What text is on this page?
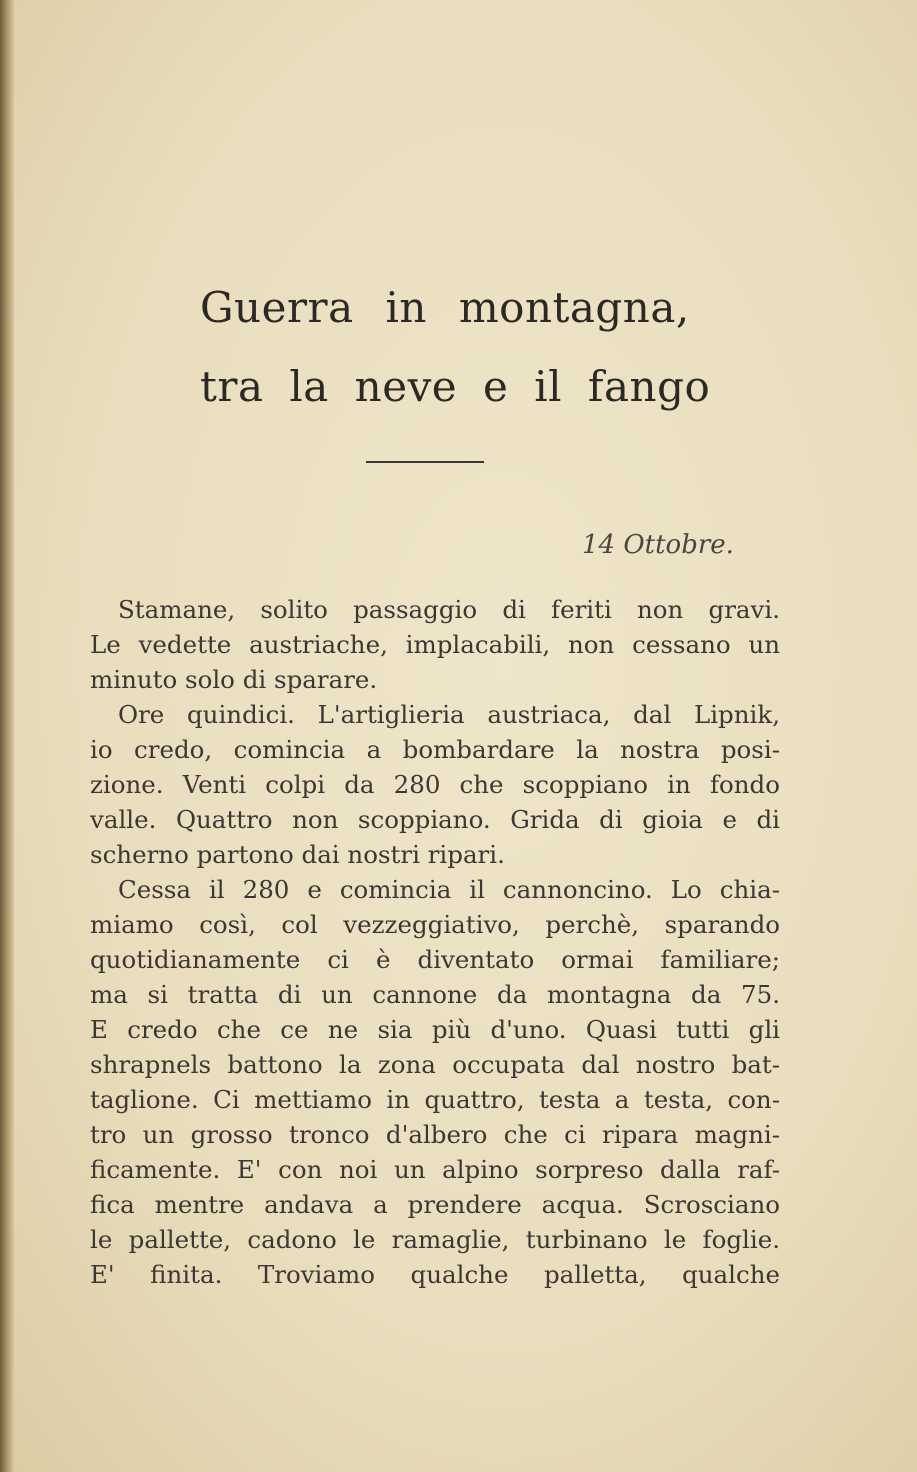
Guerra in montagna,
tra la neve e il fango
14 Ottobre.
Stamane, solito passaggio di feriti non gravi.
Le vedette austriache, implacabili, non cessano un
minuto solo di sparare.
Ore quindici. L'artiglieria austriaca, dal Lipnik,
io credo, comincia a bombardare la nostra posi-
zione. Venti colpi da 280 che scoppiano in fondo
valle. Quattro non scoppiano. Grida di gioia e di
scherno partono dai nostri ripari.
Cessa il 280 e comincia il cannoncino. Lo chia-
miamo così, col vezzeggiativo, perchè, sparando
quotidianamente ci è diventato ormai familiare;
ma si tratta di un cannone da montagna da 75.
E credo che ce ne sia più d'uno. Quasi tutti gli
shrapnels battono la zona occupata dal nostro bat-
taglione. Ci mettiamo in quattro, testa a testa, con-
tro un grosso tronco d'albero che ci ripara magni-
ficamente. E' con noi un alpino sorpreso dalla raf-
fica mentre andava a prendere acqua. Scrosciano
le pallette, cadono le ramaglie, turbinano le foglie.
E' finita. Troviamo qualche palletta, qualche
